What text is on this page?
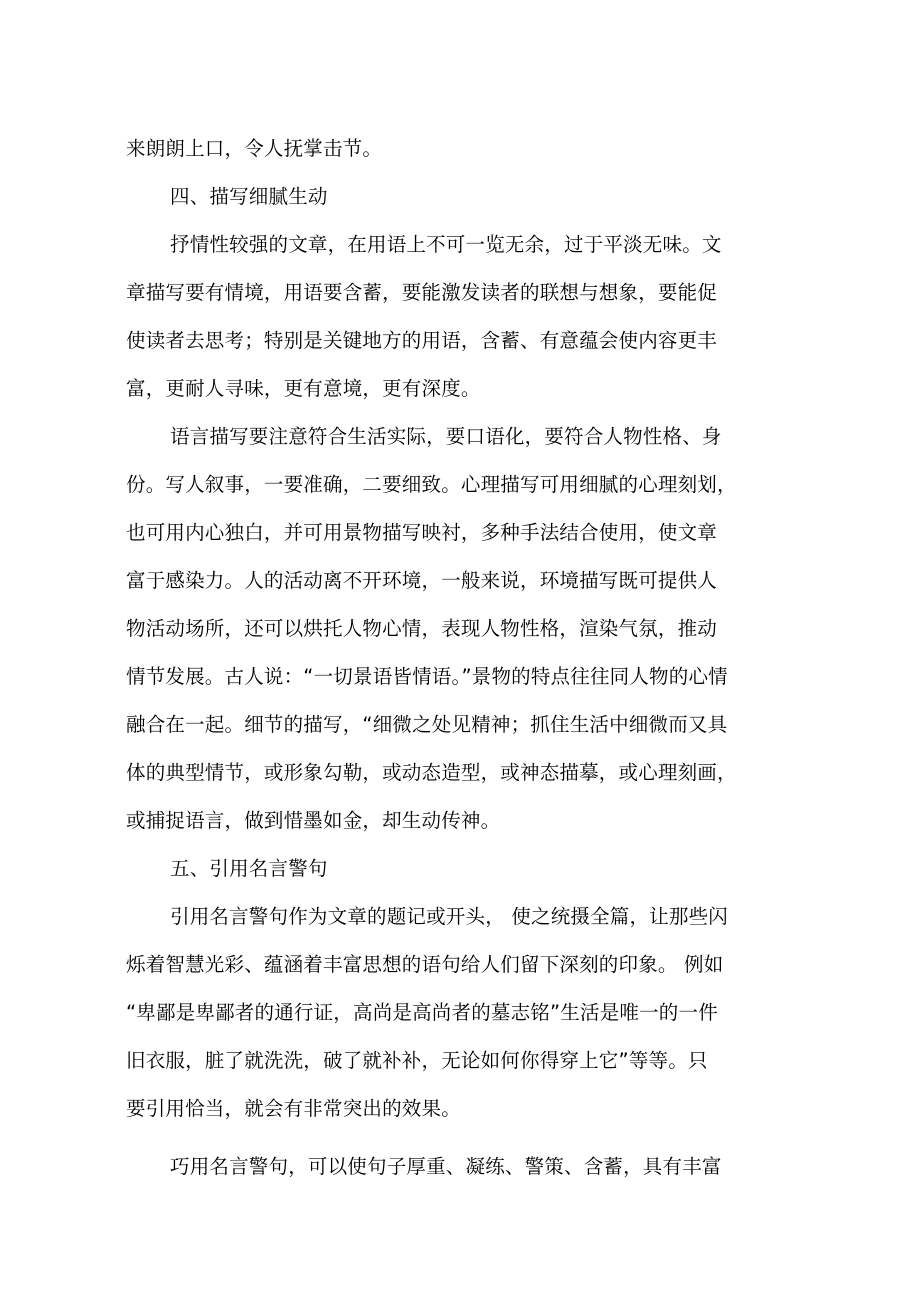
来朗朗上口，令人抚掌击节。
四、描写细腻生动
抒情性较强的文章，在用语上不可一览无余，过于平淡无味。文
章描写要有情境，用语要含蓄，要能激发读者的联想与想象，要能促
使读者去思考；特别是关键地方的用语，含蓄、有意蕴会使内容更丰
富，更耐人寻味，更有意境，更有深度。
语言描写要注意符合生活实际，要口语化，要符合人物性格、身
份。写人叙事，一要准确，二要细致。心理描写可用细腻的心理刻划，
也可用内心独白，并可用景物描写映衬，多种手法结合使用，使文章
富于感染力。人的活动离不开环境，一般来说，环境描写既可提供人
物活动场所，还可以烘托人物心情，表现人物性格，渲染气氛，推动
情节发展。古人说：“一切景语皆情语。”景物的特点往往同人物的心情
融合在一起。细节的描写，“细微之处见精神；抓住生活中细微而又具
体的典型情节，或形象勾勒，或动态造型，或神态描摹，或心理刻画，
或捕捉语言，做到惜墨如金，却生动传神。
五、引用名言警句
引用名言警句作为文章的题记或开头， 使之统摄全篇，让那些闪
烁着智慧光彩、蕴涵着丰富思想的语句给人们留下深刻的印象。 例如
“卑鄙是卑鄙者的通行证，高尚是高尚者的墓志铭”生活是唯一的一件
旧衣服，脏了就洗洗，破了就补补，无论如何你得穿上它”等等。只
要引用恰当，就会有非常突出的效果。
巧用名言警句，可以使句子厚重、凝练、警策、含蓄，具有丰富
